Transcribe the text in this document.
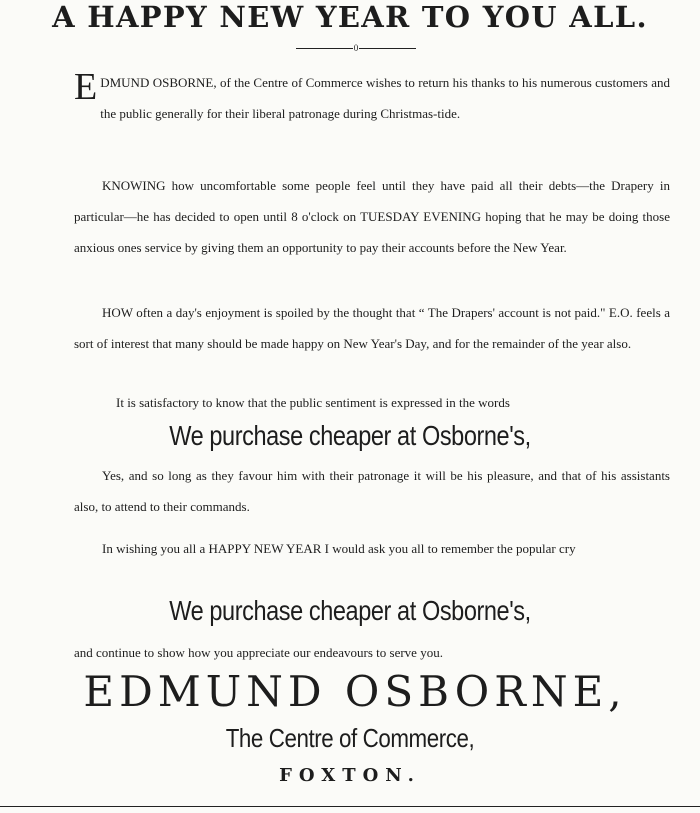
A HAPPY NEW YEAR TO YOU ALL.
0

EDMUND OSBORNE, of the Centre of Commerce wishes to return his thanks to his numerous customers and the public generally for their liberal patronage during Christmas-tide.

KNOWING how uncomfortable some people feel until they have paid all their debts—the Drapery in particular—he has decided to open until 8 o'clock on TUESDAY EVENING hoping that he may be doing those anxious ones service by giving them an opportunity to pay their accounts before the New Year.

HOW often a day's enjoyment is spoiled by the thought that “ The Drapers' account is not paid." E.O. feels a sort of interest that many should be made happy on New Year's Day, and for the remainder of the year also.

It is satisfactory to know that the public sentiment is expressed in the words

We purchase cheaper at Osborne's,

Yes, and so long as they favour him with their patronage it will be his pleasure, and that of his assistants also, to attend to their commands.

In wishing you all a HAPPY NEW YEAR I would ask you all to remember the popular cry

We purchase cheaper at Osborne's,

and continue to show how you appreciate our endeavours to serve you.

EDMUND OSBORNE,
The Centre of Commerce,
FOXTON.
